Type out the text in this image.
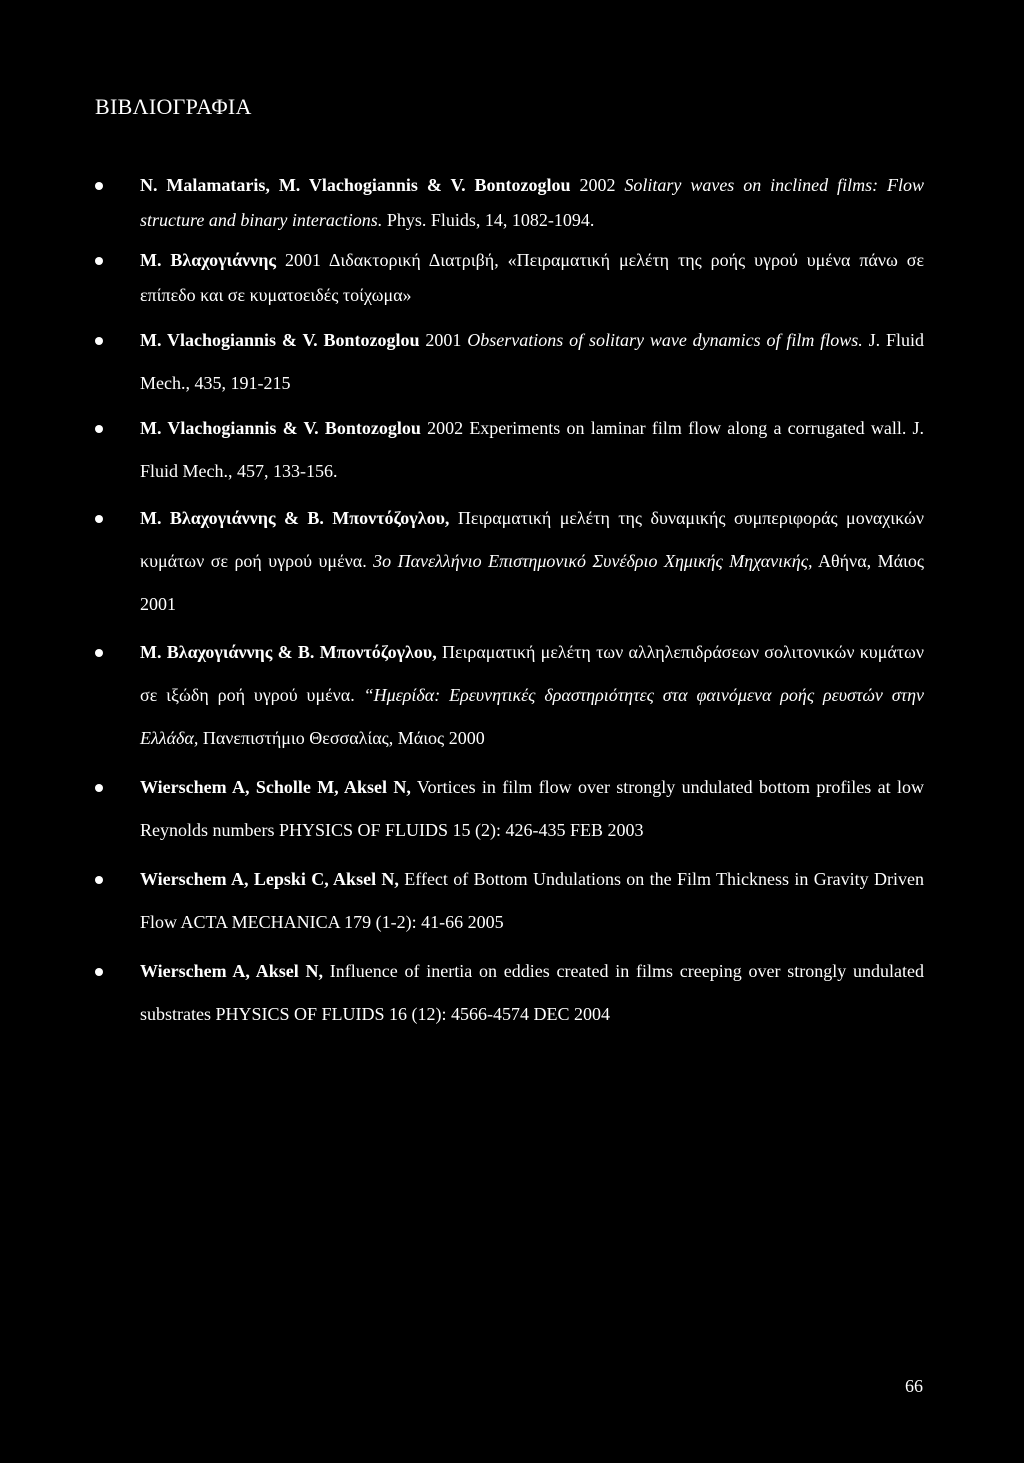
ΒΙΒΛΙΟΓΡΑΦΙΑ
N. Malamataris, M. Vlachogiannis & V. Bontozoglou 2002 Solitary waves on inclined films: Flow structure and binary interactions. Phys. Fluids, 14, 1082-1094.
Μ. Βλαχογιάννης 2001 Διδακτορική Διατριβή, «Πειραματική μελέτη της ροής υγρού υμένα πάνω σε επίπεδο και σε κυματοειδές τοίχωμα»
M. Vlachogiannis & V. Bontozoglou 2001 Observations of solitary wave dynamics of film flows. J. Fluid Mech., 435, 191-215
M. Vlachogiannis & V. Bontozoglou 2002 Experiments on laminar film flow along a corrugated wall. J. Fluid Mech., 457, 133-156.
Μ. Βλαχογιάννης & Β. Μποντόζογλου, Πειραματική μελέτη της δυναμικής συμπεριφοράς μοναχικών κυμάτων σε ροή υγρού υμένα. 3ο Πανελλήνιο Επιστημονικό Συνέδριο Χημικής Μηχανικής, Αθήνα, Μάιος 2001
Μ. Βλαχογιάννης & Β. Μποντόζογλου, Πειραματική μελέτη των αλληλεπιδράσεων σολιτονικών κυμάτων σε ιξώδη ροή υγρού υμένα. “Ημερίδα: Ερευνητικές δραστηριότητες στα φαινόμενα ροής ρευστών στην Ελλάδα, Πανεπιστήμιο Θεσσαλίας, Μάιος 2000
Wierschem A, Scholle M, Aksel N, Vortices in film flow over strongly undulated bottom profiles at low Reynolds numbers PHYSICS OF FLUIDS 15 (2): 426-435 FEB 2003
Wierschem A, Lepski C, Aksel N, Effect of Bottom Undulations on the Film Thickness in Gravity Driven Flow ACTA MECHANICA 179 (1-2): 41-66 2005
Wierschem A, Aksel N, Influence of inertia on eddies created in films creeping over strongly undulated substrates PHYSICS OF FLUIDS 16 (12): 4566-4574 DEC 2004
66
